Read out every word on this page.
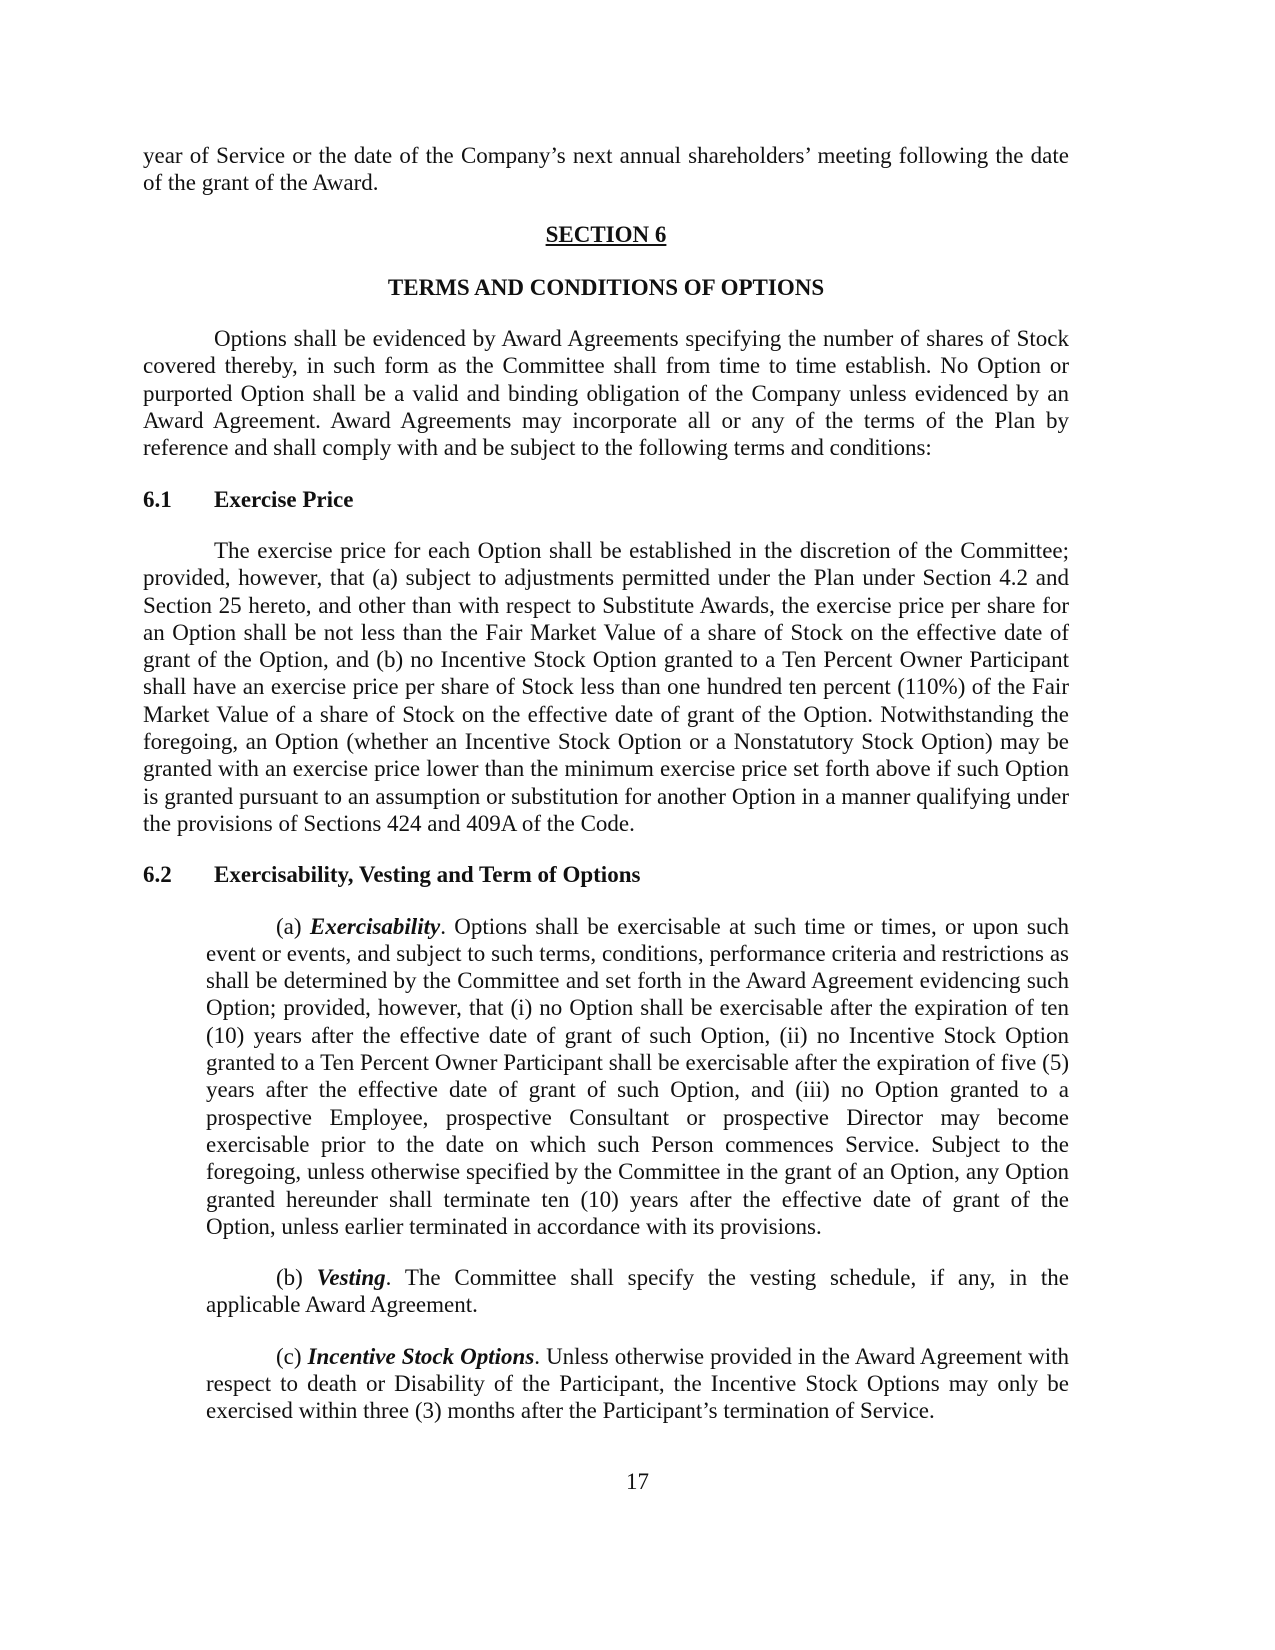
year of Service or the date of the Company’s next annual shareholders’ meeting following the date of the grant of the Award.

SECTION 6

TERMS AND CONDITIONS OF OPTIONS

Options shall be evidenced by Award Agreements specifying the number of shares of Stock covered thereby, in such form as the Committee shall from time to time establish. No Option or purported Option shall be a valid and binding obligation of the Company unless evidenced by an Award Agreement. Award Agreements may incorporate all or any of the terms of the Plan by reference and shall comply with and be subject to the following terms and conditions:

6.1	Exercise Price

The exercise price for each Option shall be established in the discretion of the Committee; provided, however, that (a) subject to adjustments permitted under the Plan under Section 4.2 and Section 25 hereto, and other than with respect to Substitute Awards, the exercise price per share for an Option shall be not less than the Fair Market Value of a share of Stock on the effective date of grant of the Option, and (b) no Incentive Stock Option granted to a Ten Percent Owner Participant shall have an exercise price per share of Stock less than one hundred ten percent (110%) of the Fair Market Value of a share of Stock on the effective date of grant of the Option. Notwithstanding the foregoing, an Option (whether an Incentive Stock Option or a Nonstatutory Stock Option) may be granted with an exercise price lower than the minimum exercise price set forth above if such Option is granted pursuant to an assumption or substitution for another Option in a manner qualifying under the provisions of Sections 424 and 409A of the Code.

6.2	Exercisability, Vesting and Term of Options

(a) Exercisability. Options shall be exercisable at such time or times, or upon such event or events, and subject to such terms, conditions, performance criteria and restrictions as shall be determined by the Committee and set forth in the Award Agreement evidencing such Option; provided, however, that (i) no Option shall be exercisable after the expiration of ten (10) years after the effective date of grant of such Option, (ii) no Incentive Stock Option granted to a Ten Percent Owner Participant shall be exercisable after the expiration of five (5) years after the effective date of grant of such Option, and (iii) no Option granted to a prospective Employee, prospective Consultant or prospective Director may become exercisable prior to the date on which such Person commences Service. Subject to the foregoing, unless otherwise specified by the Committee in the grant of an Option, any Option granted hereunder shall terminate ten (10) years after the effective date of grant of the Option, unless earlier terminated in accordance with its provisions.

(b) Vesting. The Committee shall specify the vesting schedule, if any, in the applicable Award Agreement.

(c) Incentive Stock Options. Unless otherwise provided in the Award Agreement with respect to death or Disability of the Participant, the Incentive Stock Options may only be exercised within three (3) months after the Participant’s termination of Service.

17
